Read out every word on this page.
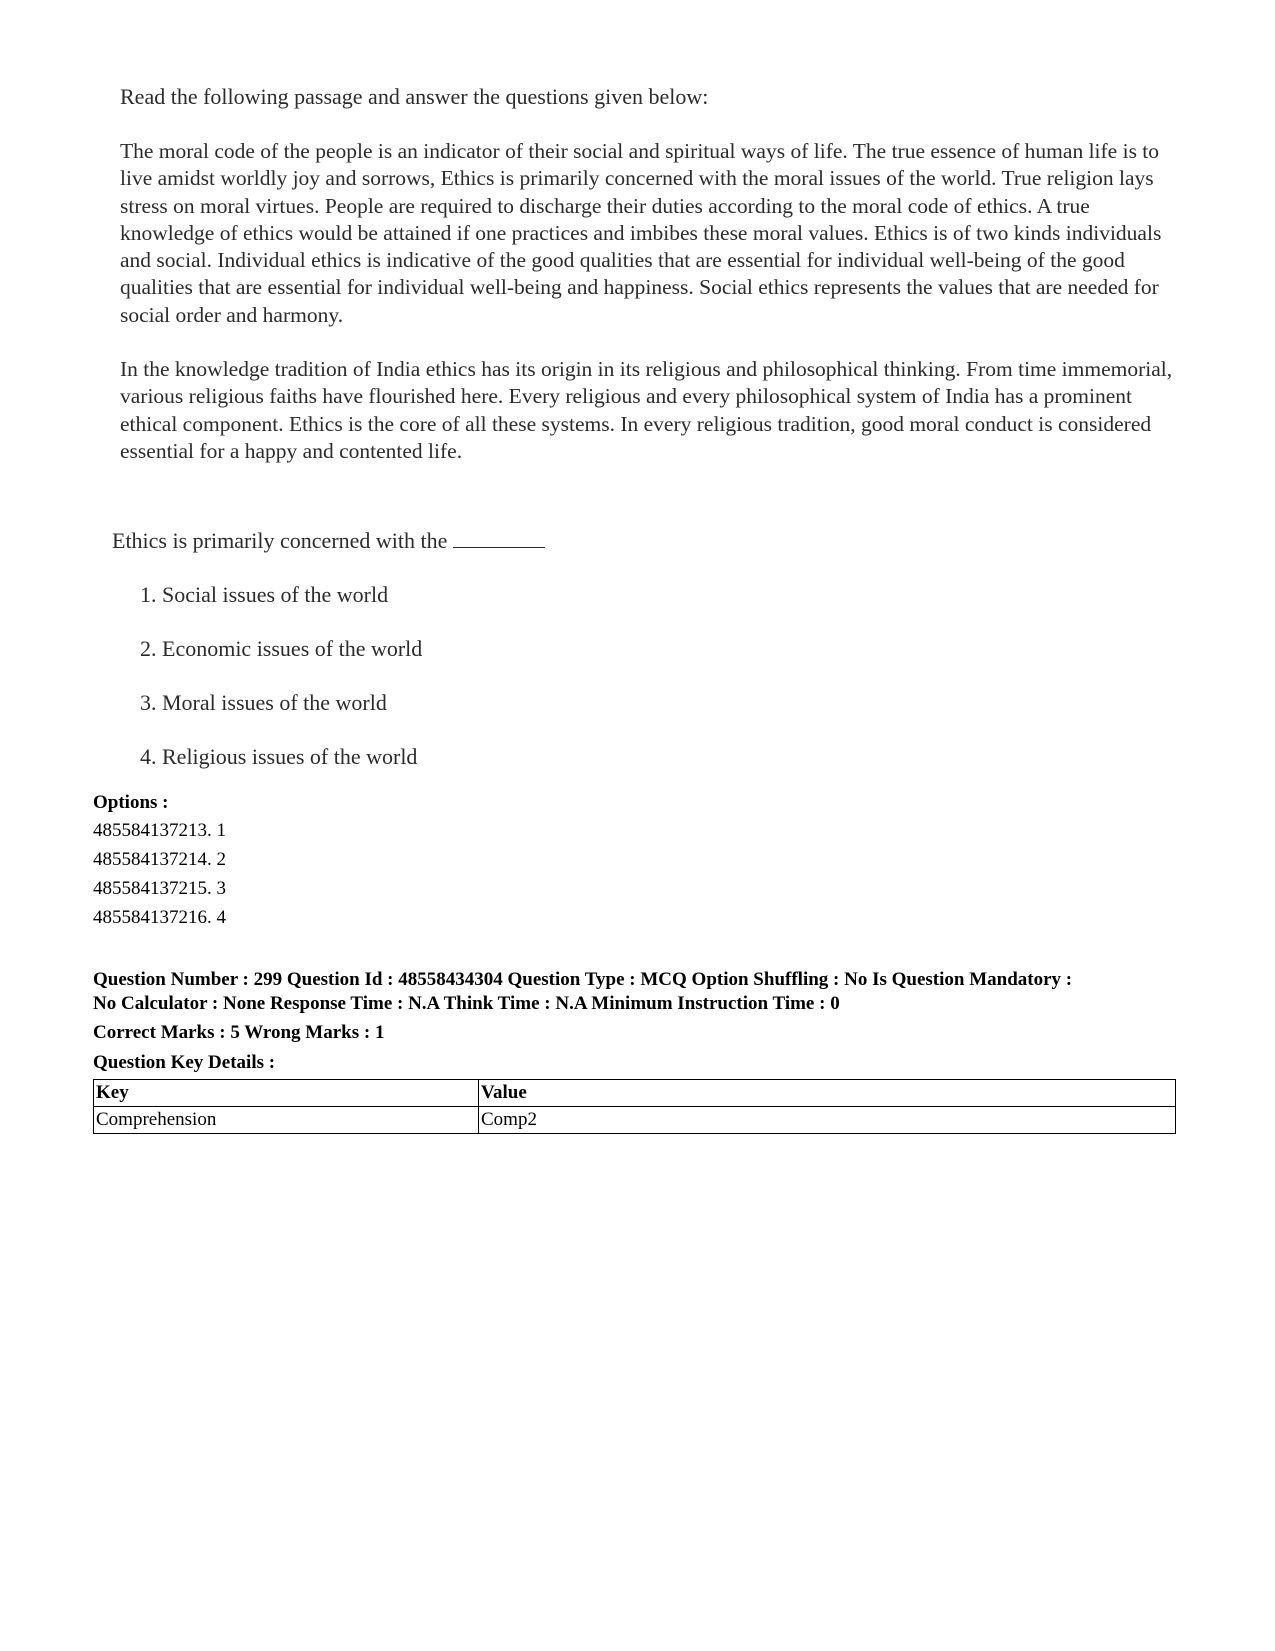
Read the following passage and answer the questions given below:

The moral code of the people is an indicator of their social and spiritual ways of life. The true essence of human life is to live amidst worldly joy and sorrows, Ethics is primarily concerned with the moral issues of the world. True religion lays stress on moral virtues. People are required to discharge their duties according to the moral code of ethics. A true knowledge of ethics would be attained if one practices and imbibes these moral values. Ethics is of two kinds individuals and social. Individual ethics is indicative of the good qualities that are essential for individual well-being of the good qualities that are essential for individual well-being and happiness. Social ethics represents the values that are needed for social order and harmony.

In the knowledge tradition of India ethics has its origin in its religious and philosophical thinking. From time immemorial, various religious faiths have flourished here. Every religious and every philosophical system of India has a prominent ethical component. Ethics is the core of all these systems. In every religious tradition, good moral conduct is considered essential for a happy and contented life.

Ethics is primarily concerned with the
1. Social issues of the world
2. Economic issues of the world
3. Moral issues of the world
4. Religious issues of the world
Options :
485584137213. 1
485584137214. 2
485584137215. 3
485584137216. 4
Question Number : 299 Question Id : 48558434304 Question Type : MCQ Option Shuffling : No Is Question Mandatory :
No Calculator : None Response Time : N.A Think Time : N.A Minimum Instruction Time : 0
Correct Marks : 5 Wrong Marks : 1
Question Key Details :
Key	Value
Comprehension	Comp2
